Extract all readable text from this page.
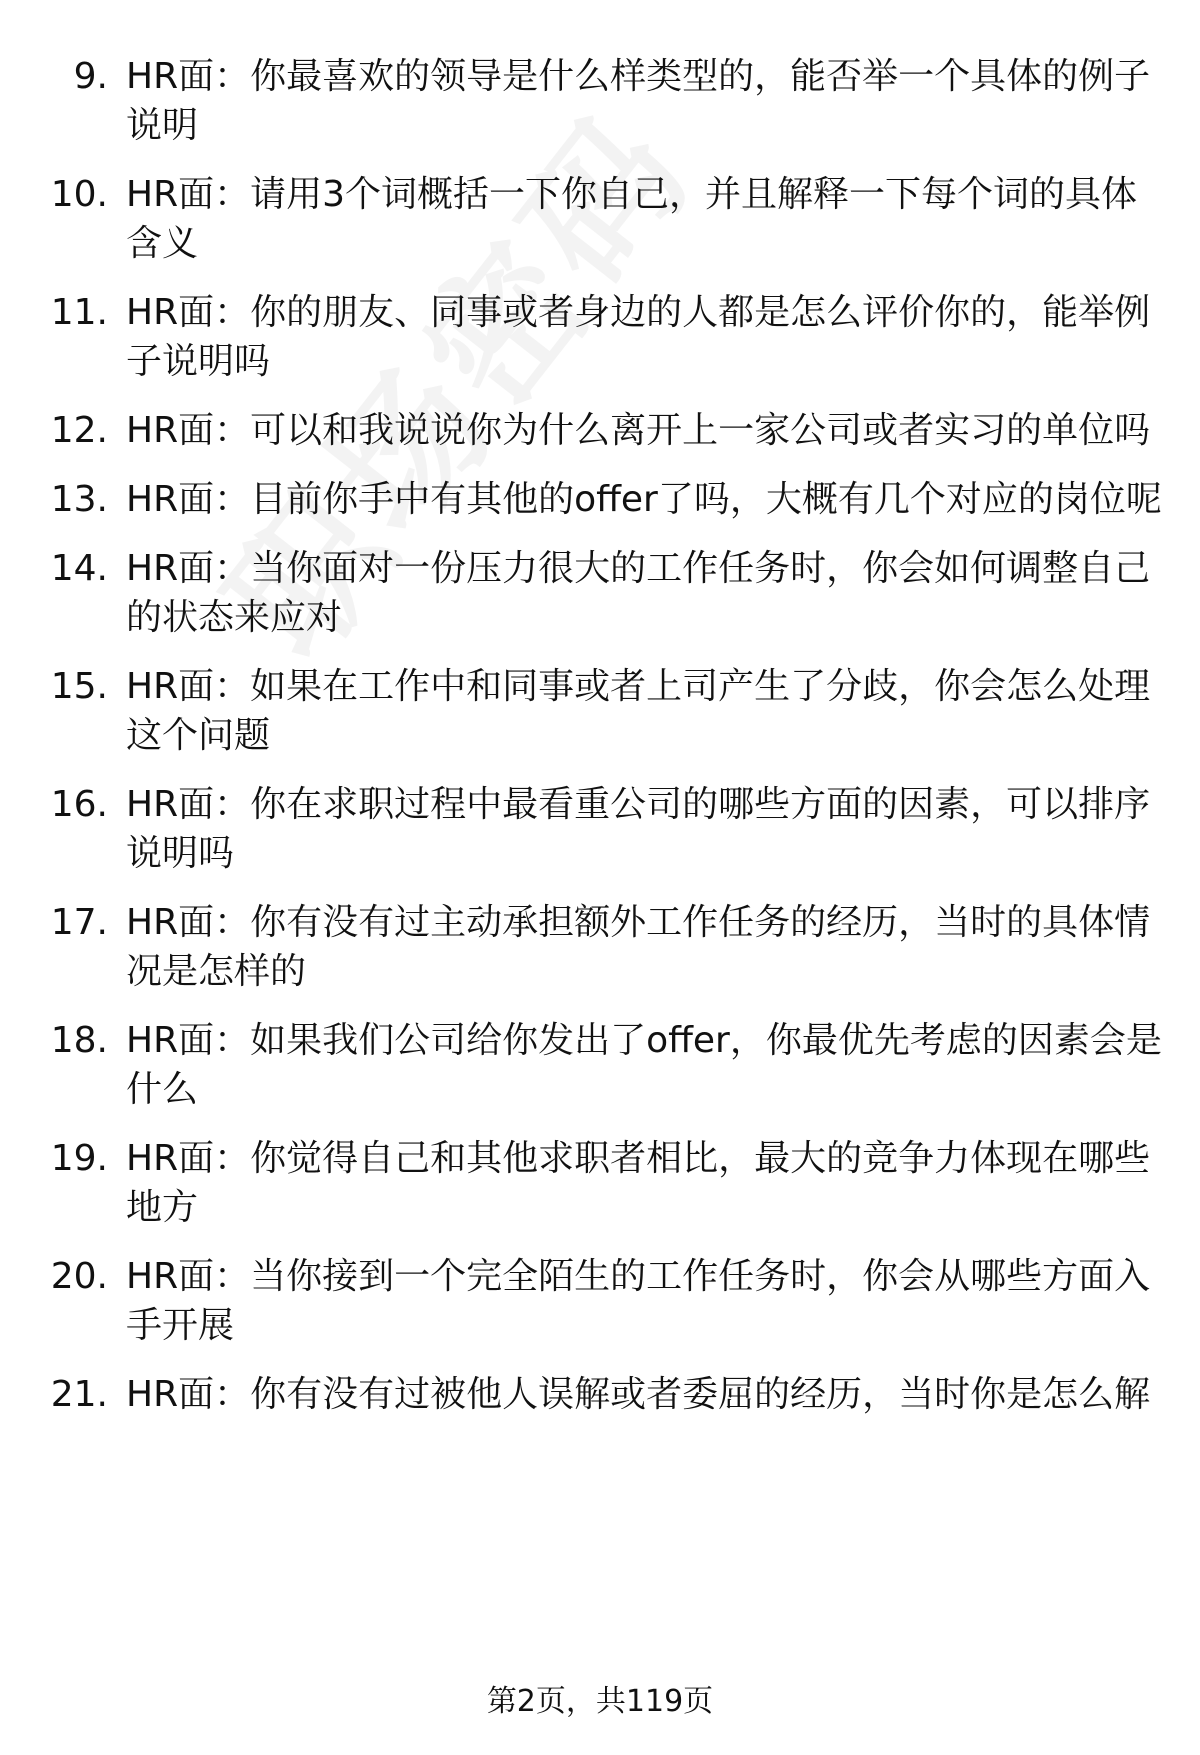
9. HR面：你最喜欢的领导是什么样类型的，能否举一个具体的例子说明
10. HR面：请用3个词概括一下你自己，并且解释一下每个词的具体含义
11. HR面：你的朋友、同事或者身边的人都是怎么评价你的，能举例子说明吗
12. HR面：可以和我说说你为什么离开上一家公司或者实习的单位吗
13. HR面：目前你手中有其他的offer了吗，大概有几个对应的岗位呢
14. HR面：当你面对一份压力很大的工作任务时，你会如何调整自己的状态来应对
15. HR面：如果在工作中和同事或者上司产生了分歧，你会怎么处理这个问题
16. HR面：你在求职过程中最看重公司的哪些方面的因素，可以排序说明吗
17. HR面：你有没有过主动承担额外工作任务的经历，当时的具体情况是怎样的
18. HR面：如果我们公司给你发出了offer，你最优先考虑的因素会是什么
19. HR面：你觉得自己和其他求职者相比，最大的竞争力体现在哪些地方
20. HR面：当你接到一个完全陌生的工作任务时，你会从哪些方面入手开展
21. HR面：你有没有过被他人误解或者委屈的经历，当时你是怎么解
第2页，共119页
